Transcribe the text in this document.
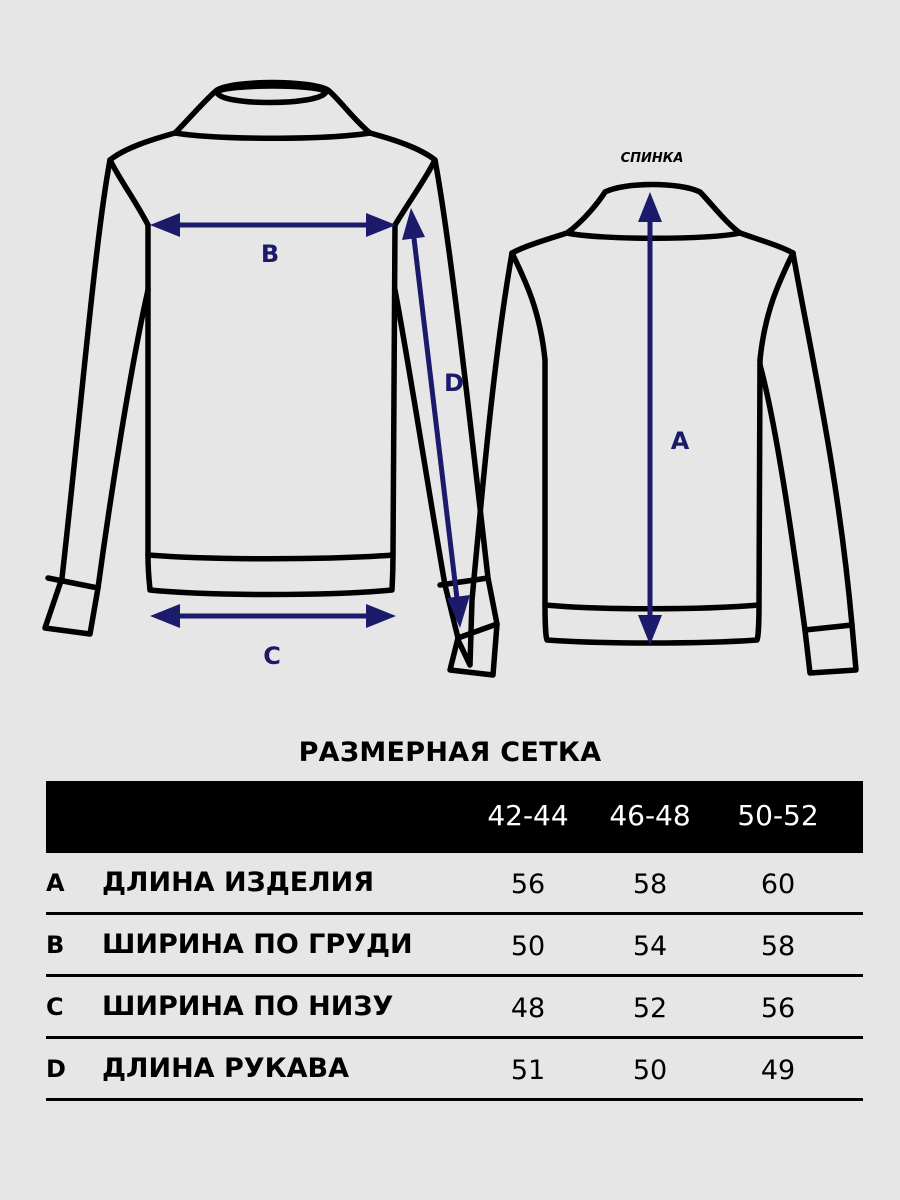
B
C
D
A
СПИНКА
РАЗМЕРНАЯ СЕТКА
42-44	46-48	50-52
A ДЛИНА ИЗДЕЛИЯ	56	58	60
B ШИРИНА ПО ГРУДИ	50	54	58
C ШИРИНА ПО НИЗУ	48	52	56
D ДЛИНА РУКАВА	51	50	49
